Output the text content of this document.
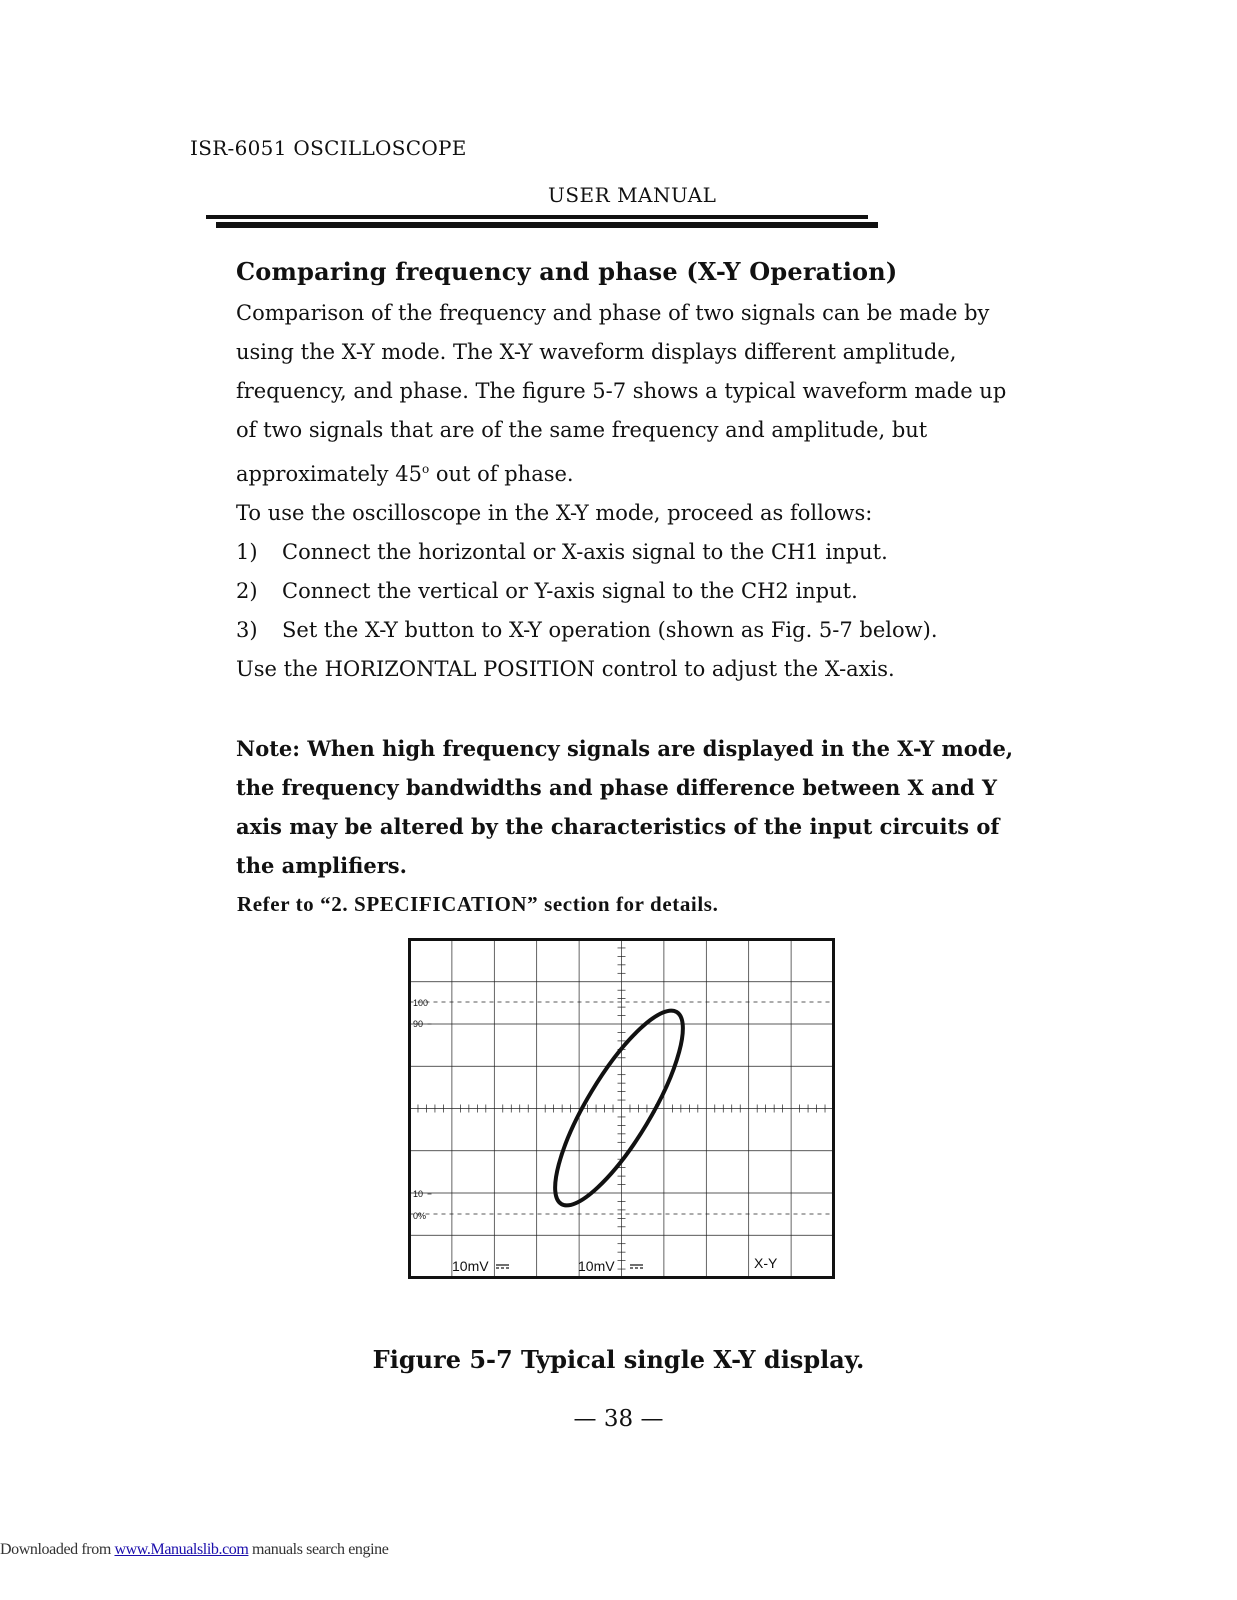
ISR-6051 OSCILLOSCOPE
USER MANUAL
Comparing frequency and phase (X-Y Operation)

Comparison of the frequency and phase of two signals can be made by using the X-Y mode. The X-Y waveform displays different amplitude, frequency, and phase. The figure 5-7 shows a typical waveform made up of two signals that are of the same frequency and amplitude, but approximately 45$^o$ out of phase.

To use the oscilloscope in the X-Y mode, proceed as follows:

1)	Connect the horizontal or X-axis signal to the CH1 input.
2)	Connect the vertical or Y-axis signal to the CH2 input.
3)	Set the X-Y button to X-Y operation (shown as Fig. 5-7 below).

Use the HORIZONTAL POSITION control to adjust the X-axis.

Note: When high frequency signals are displayed in the X-Y mode, the frequency bandwidths and phase difference between X and Y axis may be altered by the characteristics of the input circuits of the amplifiers.
Refer to “2. SPECIFICATION” section for details.
100
90
10
0%
10mV	10mV	X-Y
Figure 5-7 Typical single X-Y display.
— 38 —
Downloaded from www.Manualslib.com manuals search engine
